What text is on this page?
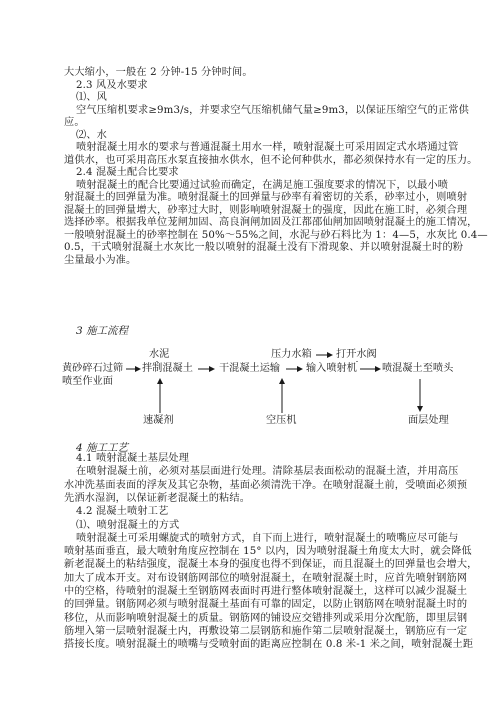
大大缩小，一般在 2 分钟-15 分钟时间。
2.3 风及水要求
⑴、风
空气压缩机要求≥9m3/s，并要求空气压缩机储气量≥9m3，以保证压缩空气的正常供
应。
⑵、水
喷射混凝土用水的要求与普通混凝土用水一样，喷射混凝土可采用固定式水塔通过管
道供水，也可采用高压水泵直接抽水供水，但不论何种供水，都必须保持水有一定的压力。
2.4 混凝土配合比要求
喷射混凝土的配合比要通过试验而确定，在满足施工强度要求的情况下，以最小喷
射混凝土的回弹量为准。喷射混凝土的回弹量与砂率有着密切的关系，砂率过小，则喷射
混凝土的回弹量增大，砂率过大时，则影响喷射混凝土的强度，因此在施工时，必须合理
选择砂率。根据我单位茏闸加固、高良涧闸加固及江都邵仙闸加固喷射混凝土的施工情况，
一般喷射混凝土的砂率控制在 50%～55%之间，水泥与砂石料比为 1：4—5，水灰比 0.4—
0.5，干式喷射混凝土水灰比一般以喷射的混凝土没有下滑现象、并以喷射混凝土时的粉
尘量最小为准。
3 施工流程
水泥	压力水箱 打开水阀
黄砂碎石过筛 拌制混凝土	干混凝土运输	输入喷射机 喷混凝土至喷头
喷至作业面
速凝剂	空压机	面层处理
4 施工工艺
4.1 喷射混凝土基层处理
在喷射混凝土前，必须对基层面进行处理。清除基层表面松动的混凝土渣，并用高压
水冲洗基面表面的浮灰及其它杂物，基面必须清洗干净。在喷射混凝土前，受喷面必须预
先洒水湿润，以保证新老混凝土的粘结。
4.2 混凝土喷射工艺
⑴、喷射混凝土的方式
喷射混凝土可采用螺旋式的喷射方式，自下而上进行，喷射混凝土的喷嘴应尽可能与
喷射基面垂直，最大喷射角度应控制在 15° 以内，因为喷射混凝土角度太大时，就会降低
新老混凝土的粘结强度，混凝土本身的强度也得不到保证，而且混凝土的回弹量也会增大，
加大了成本开支。对布设钢筋网部位的喷射混凝土，在喷射混凝土时，应首先喷射钢筋网
中的空格，待喷射的混凝土至钢筋网表面时再进行整体喷射混凝土，这样可以减少混凝土
的回弹量。钢筋网必须与喷射混凝土基面有可靠的固定，以防止钢筋网在喷射混凝土时的
移位，从而影响喷射混凝土的质量。钢筋网的铺设应交错排列或采用分次配筋，即里层钢
筋埋入第一层喷射混凝土内，再敷设第二层钢筋和施作第二层喷射混凝土，钢筋应有一定
搭接长度。喷射混凝土的喷嘴与受喷射面的距离应控制在 0.8 米-1 米之间，喷射混凝土距
